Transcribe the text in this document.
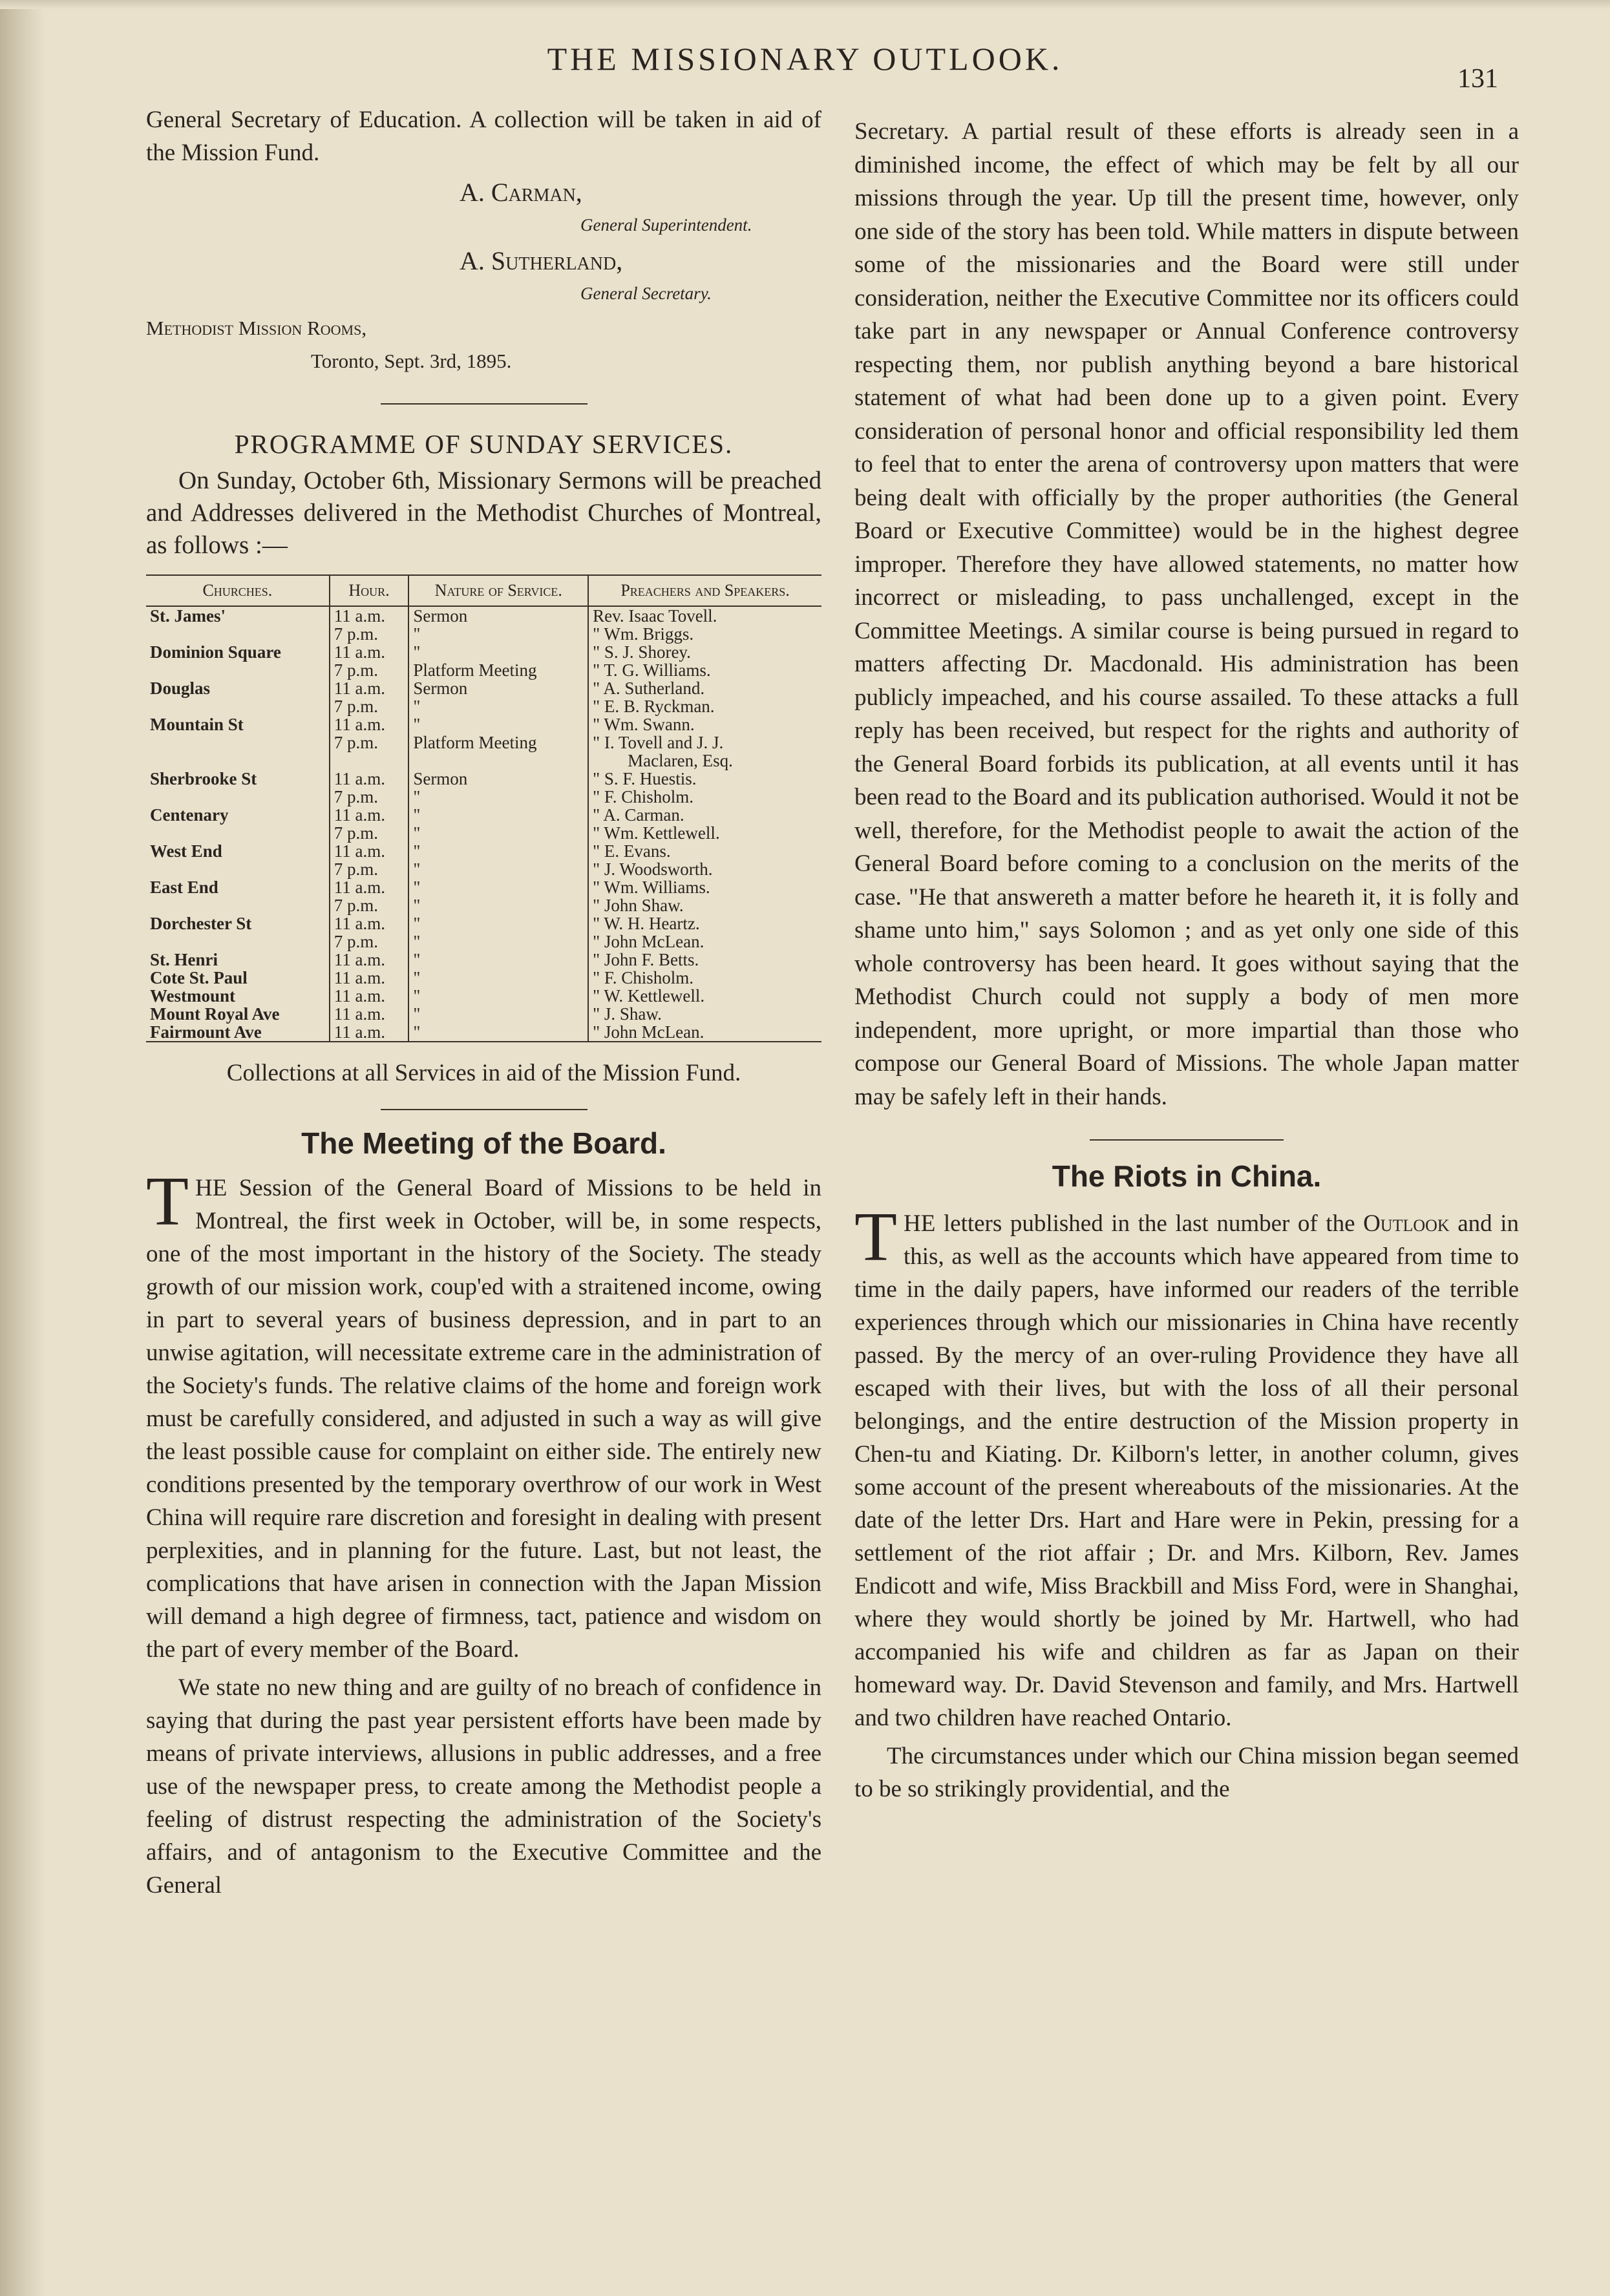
THE MISSIONARY OUTLOOK.
131

General Secretary of Education. A collection will be taken in aid of the Mission Fund.

A. Carman,

General Superintendent.

A. Sutherland,

General Secretary.

Methodist Mission Rooms,

Toronto, Sept. 3rd, 1895.

PROGRAMME OF SUNDAY SERVICES.

On Sunday, October 6th, Missionary Sermons will be preached and Addresses delivered in the Methodist Churches of Montreal, as follows :—

Churches.	Hour.	Nature of Service.	Preachers and Speakers.
St. James'	11 a.m.	Sermon	Rev. Isaac Tovell.
	7 p.m.	"	" Wm. Briggs.
Dominion Square	11 a.m.	"	" S. J. Shorey.
	7 p.m.	Platform Meeting	" T. G. Williams.
Douglas	11 a.m.	Sermon	" A. Sutherland.
	7 p.m.	"	" E. B. Ryckman.
Mountain St	11 a.m.	"	" Wm. Swann.
	7 p.m.	Platform Meeting	" I. Tovell and J. J.
			Maclaren, Esq.
Sherbrooke St	11 a.m.	Sermon	" S. F. Huestis.
	7 p.m.	"	" F. Chisholm.
Centenary	11 a.m.	"	" A. Carman.
	7 p.m.	"	" Wm. Kettlewell.
West End	11 a.m.	"	" E. Evans.
	7 p.m.	"	" J. Woodsworth.
East End	11 a.m.	"	" Wm. Williams.
	7 p.m.	"	" John Shaw.
Dorchester St	11 a.m.	"	" W. H. Heartz.
	7 p.m.	"	" John McLean.
St. Henri	11 a.m.	"	" John F. Betts.
Cote St. Paul	11 a.m.	"	" F. Chisholm.
Westmount	11 a.m.	"	" W. Kettlewell.
Mount Royal Ave	11 a.m.	"	" J. Shaw.
Fairmount Ave	11 a.m.	"	" John McLean.

Collections at all Services in aid of the Mission Fund.

The Meeting of the Board.

THE Session of the General Board of Missions to be held in Montreal, the first week in October, will be, in some respects, one of the most important in the history of the Society. The steady growth of our mission work, coup'ed with a straitened income, owing in part to several years of business depression, and in part to an unwise agitation, will necessitate extreme care in the administration of the Society's funds. The relative claims of the home and foreign work must be carefully considered, and adjusted in such a way as will give the least possible cause for complaint on either side. The entirely new conditions presented by the temporary overthrow of our work in West China will require rare discretion and foresight in dealing with present perplexities, and in planning for the future. Last, but not least, the complications that have arisen in connection with the Japan Mission will demand a high degree of firmness, tact, patience and wisdom on the part of every member of the Board.

We state no new thing and are guilty of no breach of confidence in saying that during the past year persistent efforts have been made by means of private interviews, allusions in public addresses, and a free use of the newspaper press, to create among the Methodist people a feeling of distrust respecting the administration of the Society's affairs, and of antagonism to the Executive Committee and the General

Secretary. A partial result of these efforts is already seen in a diminished income, the effect of which may be felt by all our missions through the year. Up till the present time, however, only one side of the story has been told. While matters in dispute between some of the missionaries and the Board were still under consideration, neither the Executive Committee nor its officers could take part in any newspaper or Annual Conference controversy respecting them, nor publish anything beyond a bare historical statement of what had been done up to a given point. Every consideration of personal honor and official responsibility led them to feel that to enter the arena of controversy upon matters that were being dealt with officially by the proper authorities (the General Board or Executive Committee) would be in the highest degree improper. Therefore they have allowed statements, no matter how incorrect or misleading, to pass unchallenged, except in the Committee Meetings. A similar course is being pursued in regard to matters affecting Dr. Macdonald. His administration has been publicly impeached, and his course assailed. To these attacks a full reply has been received, but respect for the rights and authority of the General Board forbids its publication, at all events until it has been read to the Board and its publication authorised. Would it not be well, therefore, for the Methodist people to await the action of the General Board before coming to a conclusion on the merits of the case. "He that answereth a matter before he heareth it, it is folly and shame unto him," says Solomon ; and as yet only one side of this whole controversy has been heard. It goes without saying that the Methodist Church could not supply a body of men more independent, more upright, or more impartial than those who compose our General Board of Missions. The whole Japan matter may be safely left in their hands.

The Riots in China.

THE letters published in the last number of the Outlook and in this, as well as the accounts which have appeared from time to time in the daily papers, have informed our readers of the terrible experiences through which our missionaries in China have recently passed. By the mercy of an over-ruling Providence they have all escaped with their lives, but with the loss of all their personal belongings, and the entire destruction of the Mission property in Chen-tu and Kiating. Dr. Kilborn's letter, in another column, gives some account of the present whereabouts of the missionaries. At the date of the letter Drs. Hart and Hare were in Pekin, pressing for a settlement of the riot affair ; Dr. and Mrs. Kilborn, Rev. James Endicott and wife, Miss Brackbill and Miss Ford, were in Shanghai, where they would shortly be joined by Mr. Hartwell, who had accompanied his wife and children as far as Japan on their homeward way. Dr. David Stevenson and family, and Mrs. Hartwell and two children have reached Ontario.

The circumstances under which our China mission began seemed to be so strikingly providential, and the
